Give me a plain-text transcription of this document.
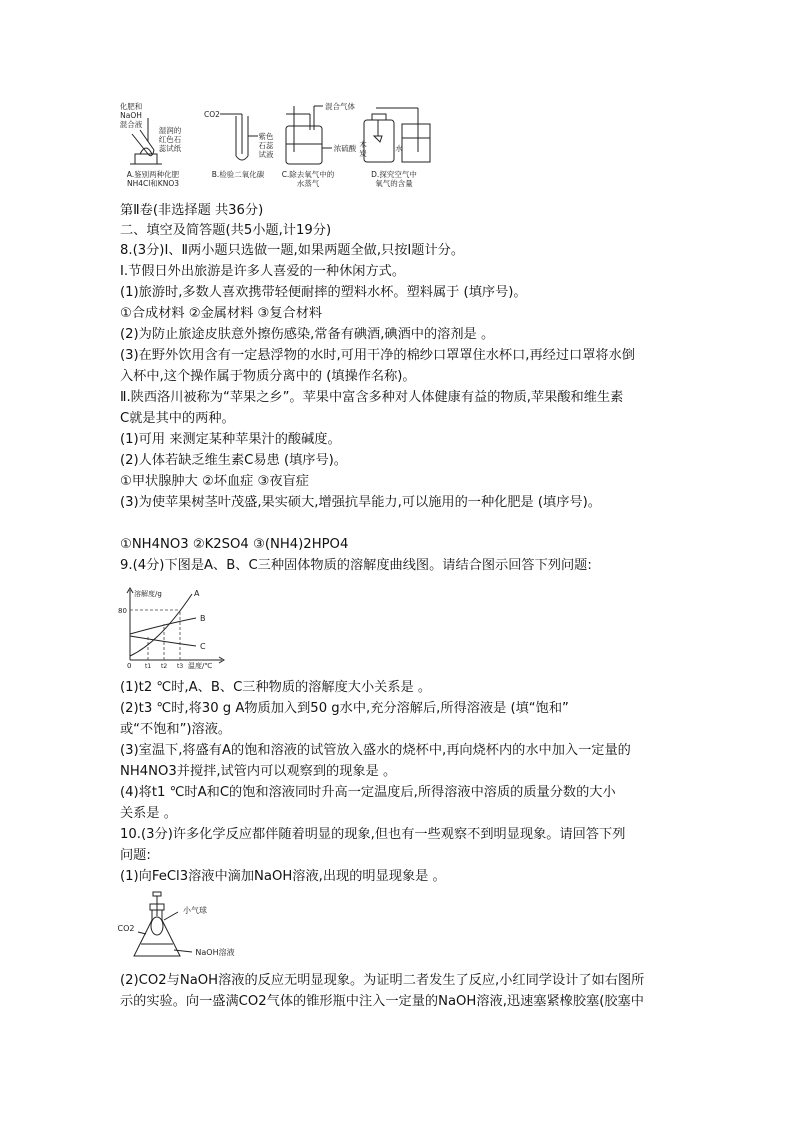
化肥和
NaOH
混合液
湿润的
红色石
蕊试纸
CO2
紫色
石蕊
试液
混合气体
浓硫酸 木
炭
水
A.鉴别两种化肥
NH4Cl和KNO3
B.检验二氧化碳	C.除去氧气中的
水蒸气
D.探究空气中
氧气的含量
第Ⅱ卷(非选择题 共36分)
二、填空及简答题(共5小题,计19分)
8.(3分)Ⅰ、Ⅱ两小题只选做一题,如果两题全做,只按Ⅰ题计分。
Ⅰ.节假日外出旅游是许多人喜爱的一种休闲方式。
(1)旅游时,多数人喜欢携带轻便耐摔的塑料水杯。塑料属于 (填序号)。
①合成材料 ②金属材料 ③复合材料
(2)为防止旅途皮肤意外擦伤感染,常备有碘酒,碘酒中的溶剂是 。
(3)在野外饮用含有一定悬浮物的水时,可用干净的棉纱口罩罩住水杯口,再经过口罩将水倒
入杯中,这个操作属于物质分离中的 (填操作名称)。
Ⅱ.陕西洛川被称为“苹果之乡”。苹果中富含多种对人体健康有益的物质,苹果酸和维生素
C就是其中的两种。
(1)可用 来测定某种苹果汁的酸碱度。
(2)人体若缺乏维生素C易患 (填序号)。
①甲状腺肿大 ②坏血症 ③夜盲症
(3)为使苹果树茎叶茂盛,果实硕大,增强抗旱能力,可以施用的一种化肥是 (填序号)。
①NH4NO3 ②K2SO4 ③(NH4)2HPO4
9.(4分)下图是A、B、C三种固体物质的溶解度曲线图。请结合图示回答下列问题:
A
B
C
溶解度/g
80
0 t1 t2 t3 温度/℃
(1)t2 ℃时,A、B、C三种物质的溶解度大小关系是 。
(2)t3 ℃时,将30 g A物质加入到50 g水中,充分溶解后,所得溶液是 (填“饱和”
或“不饱和”)溶液。
(3)室温下,将盛有A的饱和溶液的试管放入盛水的烧杯中,再向烧杯内的水中加入一定量的
NH4NO3并搅拌,试管内可以观察到的现象是 。
(4)将t1 ℃时A和C的饱和溶液同时升高一定温度后,所得溶液中溶质的质量分数的大小
关系是 。
10.(3分)许多化学反应都伴随着明显的现象,但也有一些观察不到明显现象。请回答下列
问题:
(1)向FeCl3溶液中滴加NaOH溶液,出现的明显现象是 。
CO2
小气球
NaOH溶液
(2)CO2与NaOH溶液的反应无明显现象。为证明二者发生了反应,小红同学设计了如右图所
示的实验。向一盛满CO2气体的锥形瓶中注入一定量的NaOH溶液,迅速塞紧橡胶塞(胶塞中
